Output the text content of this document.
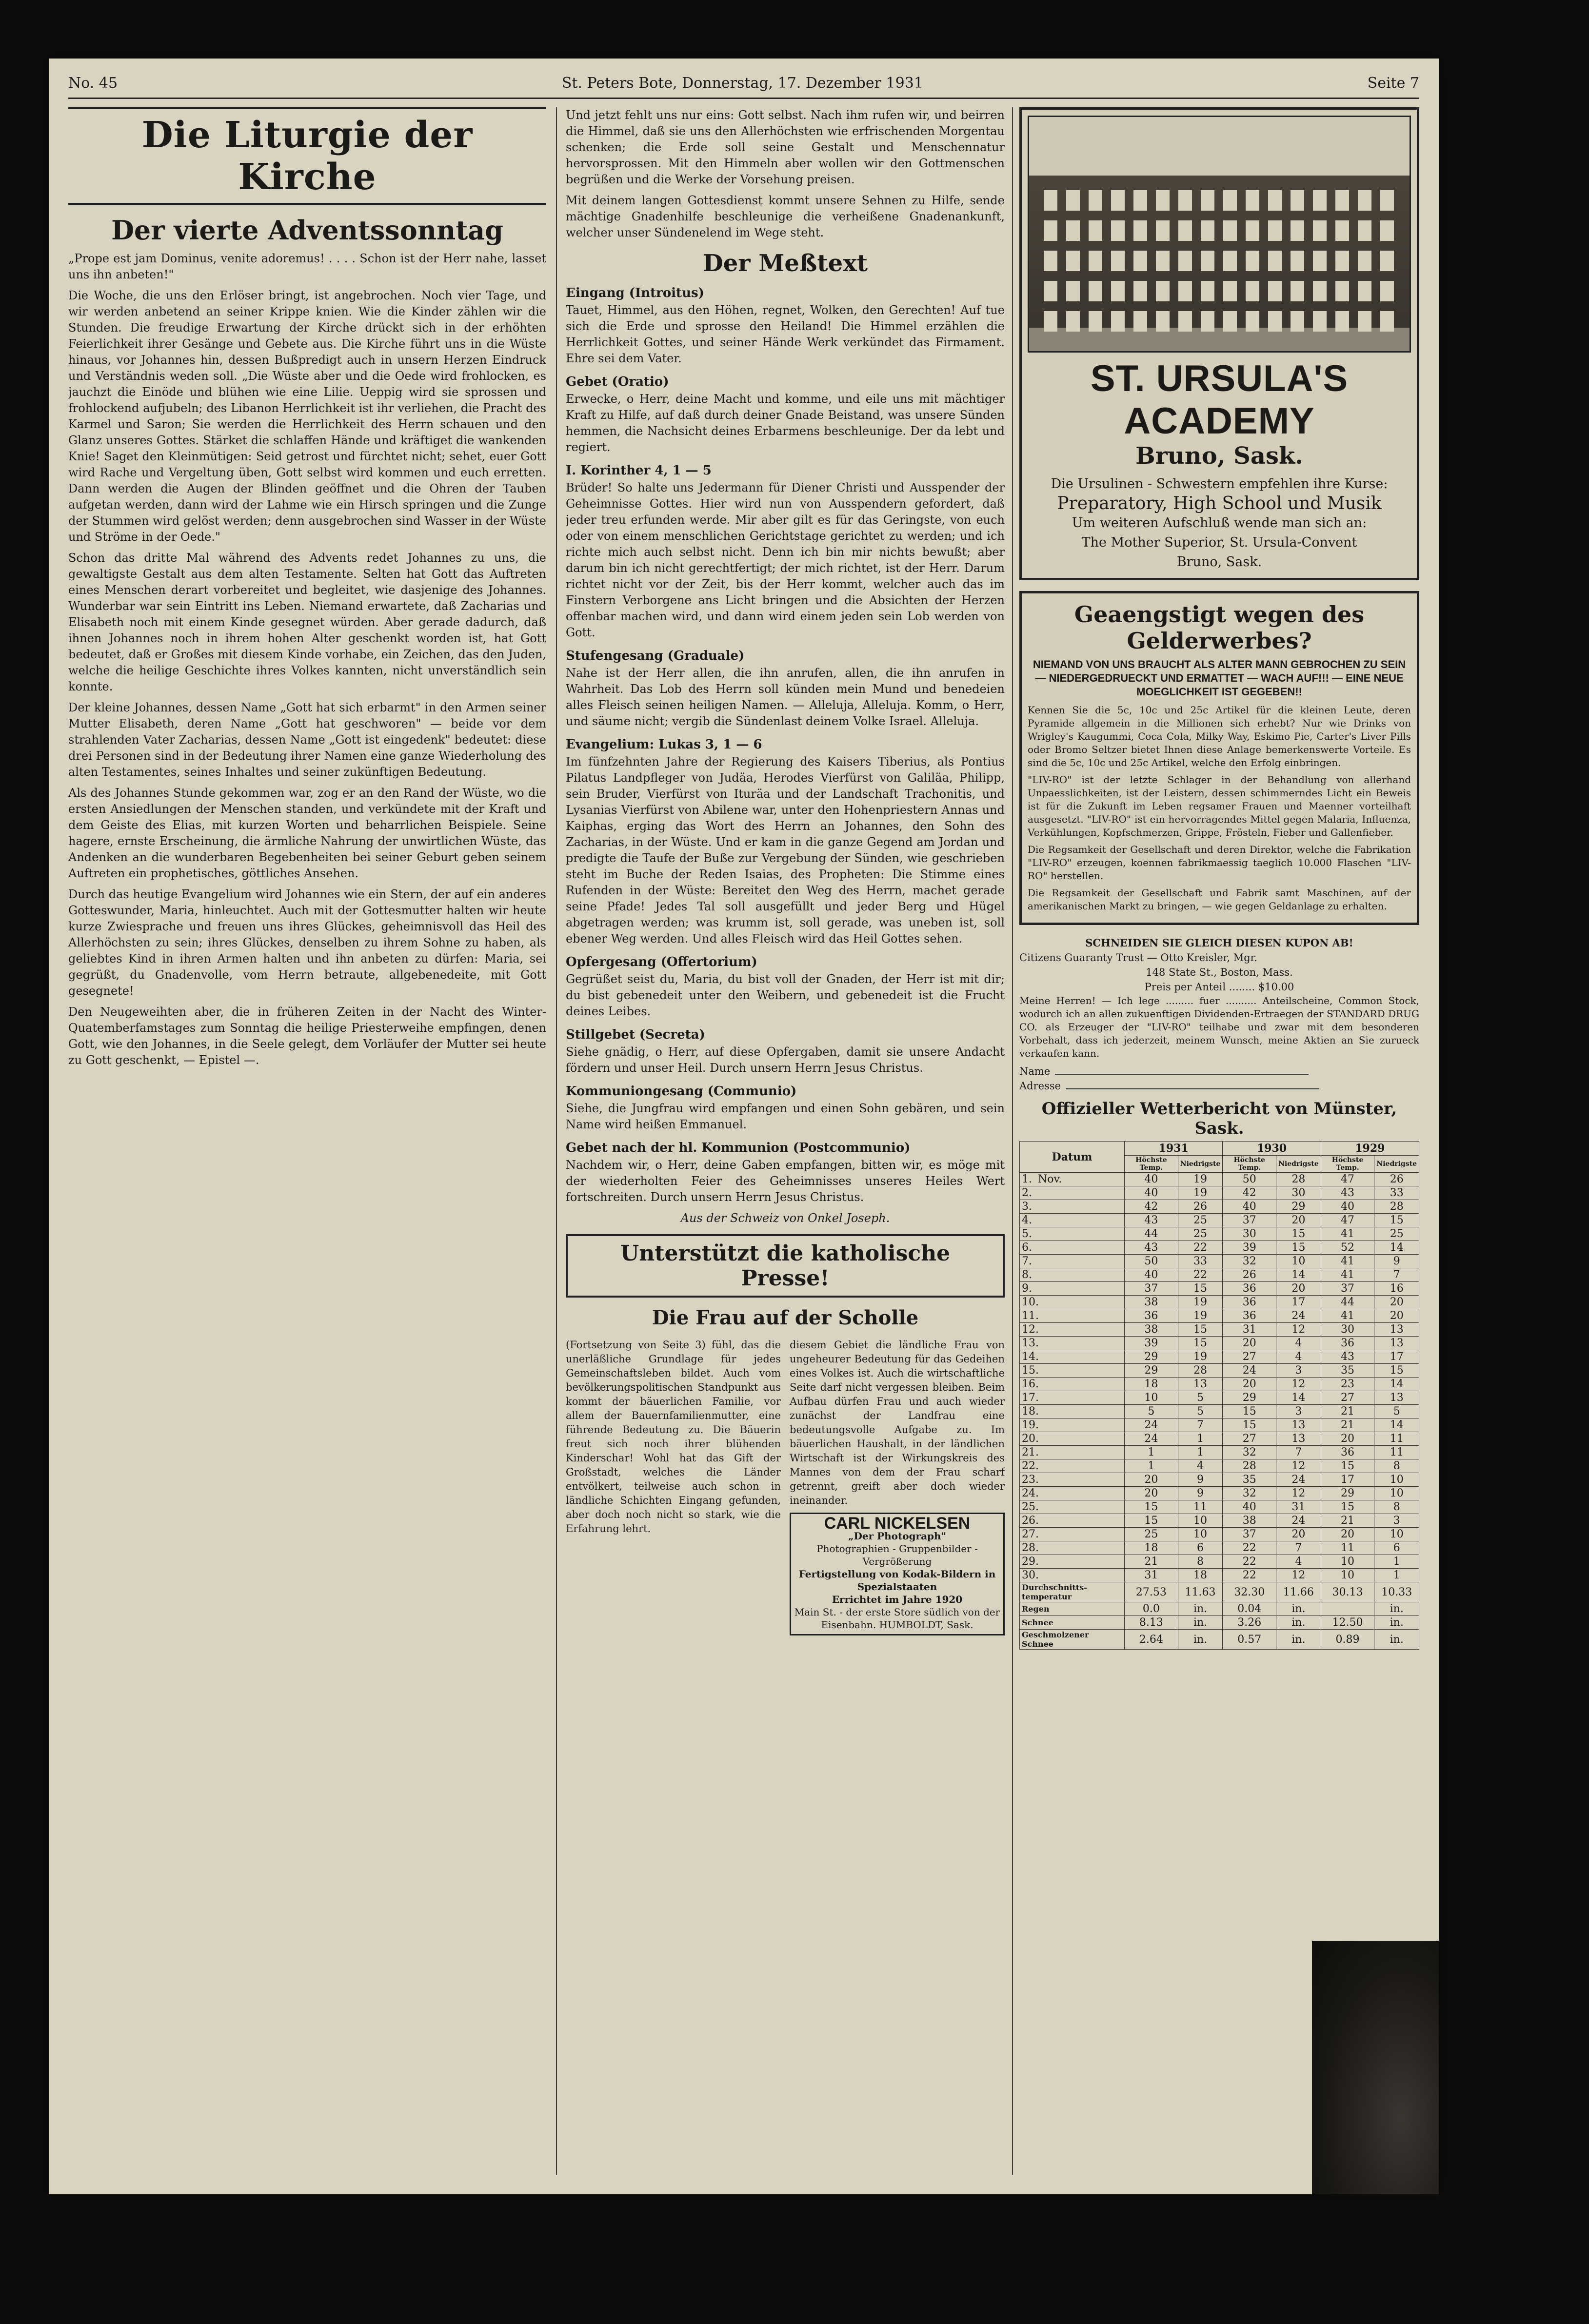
No. 45	St. Peters Bote, Donnerstag, 17. Dezember 1931	Seite 7
Die Liturgie der Kirche
Der vierte Adventssonntag

„Prope est jam Dominus, venite adoremus! . . . . Schon ist der Herr nahe, lasset uns ihn anbeten!"

Die Woche, die uns den Erlöser bringt, ist angebrochen. Noch vier Tage, und wir werden anbetend an seiner Krippe knien. Wie die Kinder zählen wir die Stunden. Die freudige Erwartung der Kirche drückt sich in der erhöhten Feierlichkeit ihrer Gesänge und Gebete aus. Die Kirche führt uns in die Wüste hinaus, vor Johannes hin, dessen Bußpredigt auch in unsern Herzen Eindruck und Verständnis weden soll. „Die Wüste aber und die Oede wird frohlocken, es jauchzt die Einöde und blühen wie eine Lilie. Ueppig wird sie sprossen und frohlockend aufjubeln; des Libanon Herrlichkeit ist ihr verliehen, die Pracht des Karmel und Saron; Sie werden die Herrlichkeit des Herrn schauen und den Glanz unseres Gottes. Stärket die schlaffen Hände und kräftiget die wankenden Knie! Saget den Kleinmütigen: Seid getrost und fürchtet nicht; sehet, euer Gott wird Rache und Vergeltung üben, Gott selbst wird kommen und euch erretten. Dann werden die Augen der Blinden geöffnet und die Ohren der Tauben aufgetan werden, dann wird der Lahme wie ein Hirsch springen und die Zunge der Stummen wird gelöst werden; denn ausgebrochen sind Wasser in der Wüste und Ströme in der Oede."

Schon das dritte Mal während des Advents redet Johannes zu uns, die gewaltigste Gestalt aus dem alten Testamente. Selten hat Gott das Auftreten eines Menschen derart vorbereitet und begleitet, wie dasjenige des Johannes. Wunderbar war sein Eintritt ins Leben. Niemand erwartete, daß Zacharias und Elisabeth noch mit einem Kinde gesegnet würden. Aber gerade dadurch, daß ihnen Johannes noch in ihrem hohen Alter geschenkt worden ist, hat Gott bedeutet, daß er Großes mit diesem Kinde vorhabe, ein Zeichen, das den Juden, welche die heilige Geschichte ihres Volkes kannten, nicht unverständlich sein konnte.

Der kleine Johannes, dessen Name „Gott hat sich erbarmt" in den Armen seiner Mutter Elisabeth, deren Name „Gott hat geschworen" — beide vor dem strahlenden Vater Zacharias, dessen Name „Gott ist eingedenk" bedeutet: diese drei Personen sind in der Bedeutung ihrer Namen eine ganze Wiederholung des alten Testamentes, seines Inhaltes und seiner zukünftigen Bedeutung.

Als des Johannes Stunde gekommen war, zog er an den Rand der Wüste, wo die ersten Ansiedlungen der Menschen standen, und verkündete mit der Kraft und dem Geiste des Elias, mit kurzen Worten und beharrlichen Beispiele. Seine hagere, ernste Erscheinung, die ärmliche Nahrung der unwirtlichen Wüste, das Andenken an die wunderbaren Begebenheiten bei seiner Geburt geben seinem Auftreten ein prophetisches, göttliches Ansehen.

Durch das heutige Evangelium wird Johannes wie ein Stern, der auf ein anderes Gotteswunder, Maria, hinleuchtet. Auch mit der Gottesmutter halten wir heute kurze Zwiesprache und freuen uns ihres Glückes, geheimnisvoll das Heil des Allerhöchsten zu sein; ihres Glückes, denselben zu ihrem Sohne zu haben, als geliebtes Kind in ihren Armen halten und ihn anbeten zu dürfen: Maria, sei gegrüßt, du Gnadenvolle, vom Herrn betraute, allgebenedeite, mit Gott gesegnete!

Den Neugeweihten aber, die in früheren Zeiten in der Nacht des Winter-Quatemberfamstages zum Sonntag die heilige Priesterweihe empfingen, denen Gott, wie den Johannes, in die Seele gelegt, dem Vorläufer der Mutter sei heute zu Gott geschenkt, — Epistel —.

Und jetzt fehlt uns nur eins: Gott selbst. Nach ihm rufen wir, und beirren die Himmel, daß sie uns den Allerhöchsten wie erfrischenden Morgentau schenken; die Erde soll seine Gestalt und Menschennatur hervorsprossen. Mit den Himmeln aber wollen wir den Gottmenschen begrüßen und die Werke der Vorsehung preisen.

Mit deinem langen Gottesdienst kommt unsere Sehnen zu Hilfe, sende mächtige Gnadenhilfe beschleunige die verheißene Gnadenankunft, welcher unser Sündenelend im Wege steht.

Der Meßtext
Eingang (Introitus)

Tauet, Himmel, aus den Höhen, regnet, Wolken, den Gerechten! Auf tue sich die Erde und sprosse den Heiland! Die Himmel erzählen die Herrlichkeit Gottes, und seiner Hände Werk verkündet das Firmament. Ehre sei dem Vater.

Gebet (Oratio)

Erwecke, o Herr, deine Macht und komme, und eile uns mit mächtiger Kraft zu Hilfe, auf daß durch deiner Gnade Beistand, was unsere Sünden hemmen, die Nachsicht deines Erbarmens beschleunige. Der da lebt und regiert.

I. Korinther 4, 1 — 5

Brüder! So halte uns Jedermann für Diener Christi und Ausspender der Geheimnisse Gottes. Hier wird nun von Ausspendern gefordert, daß jeder treu erfunden werde. Mir aber gilt es für das Geringste, von euch oder von einem menschlichen Gerichtstage gerichtet zu werden; und ich richte mich auch selbst nicht. Denn ich bin mir nichts bewußt; aber darum bin ich nicht gerechtfertigt; der mich richtet, ist der Herr. Darum richtet nicht vor der Zeit, bis der Herr kommt, welcher auch das im Finstern Verborgene ans Licht bringen und die Absichten der Herzen offenbar machen wird, und dann wird einem jeden sein Lob werden von Gott.

Stufengesang (Graduale)

Nahe ist der Herr allen, die ihn anrufen, allen, die ihn anrufen in Wahrheit. Das Lob des Herrn soll künden mein Mund und benedeien alles Fleisch seinen heiligen Namen. — Alleluja, Alleluja. Komm, o Herr, und säume nicht; vergib die Sündenlast deinem Volke Israel. Alleluja.

Evangelium: Lukas 3, 1 — 6

Im fünfzehnten Jahre der Regierung des Kaisers Tiberius, als Pontius Pilatus Landpfleger von Judäa, Herodes Vierfürst von Galiläa, Philipp, sein Bruder, Vierfürst von Ituräa und der Landschaft Trachonitis, und Lysanias Vierfürst von Abilene war, unter den Hohenpriestern Annas und Kaiphas, erging das Wort des Herrn an Johannes, den Sohn des Zacharias, in der Wüste. Und er kam in die ganze Gegend am Jordan und predigte die Taufe der Buße zur Vergebung der Sünden, wie geschrieben steht im Buche der Reden Isaias, des Propheten: Die Stimme eines Rufenden in der Wüste: Bereitet den Weg des Herrn, machet gerade seine Pfade! Jedes Tal soll ausgefüllt und jeder Berg und Hügel abgetragen werden; was krumm ist, soll gerade, was uneben ist, soll ebener Weg werden. Und alles Fleisch wird das Heil Gottes sehen.

Opfergesang (Offertorium)

Gegrüßet seist du, Maria, du bist voll der Gnaden, der Herr ist mit dir; du bist gebenedeit unter den Weibern, und gebenedeit ist die Frucht deines Leibes.

Stillgebet (Secreta)

Siehe gnädig, o Herr, auf diese Opfergaben, damit sie unsere Andacht fördern und unser Heil. Durch unsern Herrn Jesus Christus.

Kommuniongesang (Communio)

Siehe, die Jungfrau wird empfangen und einen Sohn gebären, und sein Name wird heißen Emmanuel.

Gebet nach der hl. Kommunion (Postcommunio)

Nachdem wir, o Herr, deine Gaben empfangen, bitten wir, es möge mit der wiederholten Feier des Geheimnisses unseres Heiles Wert fortschreiten. Durch unsern Herrn Jesus Christus.

Aus der Schweiz von Onkel Joseph.

Unterstützt die katholische Presse!
Die Frau auf der Scholle

(Fortsetzung von Seite 3) fühl, das die unerläßliche Grundlage für jedes Gemeinschaftsleben bildet. Auch vom bevölkerungspolitischen Standpunkt aus kommt der bäuerlichen Familie, vor allem der Bauernfamilienmutter, eine führende Bedeutung zu. Die Bäuerin freut sich noch ihrer blühenden Kinderschar! Wohl hat das Gift der Großstadt, welches die Länder entvölkert, teilweise auch schon in ländliche Schichten Eingang gefunden, aber doch noch nicht so stark, wie die Erfahrung lehrt.

diesem Gebiet die ländliche Frau von ungeheurer Bedeutung für das Gedeihen eines Volkes ist. Auch die wirtschaftliche Seite darf nicht vergessen bleiben. Beim Aufbau dürfen Frau und auch wieder zunächst der Landfrau eine bedeutungsvolle Aufgabe zu. Im bäuerlichen Haushalt, in der ländlichen Wirtschaft ist der Wirkungskreis des Mannes von dem der Frau scharf getrennt, greift aber doch wieder ineinander.

CARL NICKELSEN
„Der Photograph"
Photographien - Gruppenbilder - Vergrößerung
Fertigstellung von Kodak-Bildern in Spezialstaaten
Errichtet im Jahre 1920
Main St. - der erste Store südlich von der Eisenbahn. HUMBOLDT, Sask.
ST. URSULA'S ACADEMY
Bruno, Sask.
Die Ursulinen - Schwestern empfehlen ihre Kurse:
Preparatory, High School und Musik
Um weiteren Aufschluß wende man sich an:
The Mother Superior, St. Ursula-Convent
Bruno, Sask.
Geaengstigt wegen des Gelderwerbes?
NIEMAND VON UNS BRAUCHT ALS ALTER MANN GEBROCHEN ZU SEIN — NIEDERGEDRUECKT UND ERMATTET — WACH AUF!!! — EINE NEUE MOEGLICHKEIT IST GEGEBEN!!

Kennen Sie die 5c, 10c und 25c Artikel für die kleinen Leute, deren Pyramide allgemein in die Millionen sich erhebt? Nur wie Drinks von Wrigley's Kaugummi, Coca Cola, Milky Way, Eskimo Pie, Carter's Liver Pills oder Bromo Seltzer bietet Ihnen diese Anlage bemerkenswerte Vorteile. Es sind die 5c, 10c und 25c Artikel, welche den Erfolg einbringen.

"LIV-RO" ist der letzte Schlager in der Behandlung von allerhand Unpaesslichkeiten, ist der Leistern, dessen schimmerndes Licht ein Beweis ist für die Zukunft im Leben regsamer Frauen und Maenner vorteilhaft ausgesetzt. "LIV-RO" ist ein hervorragendes Mittel gegen Malaria, Influenza, Verkühlungen, Kopfschmerzen, Grippe, Frösteln, Fieber und Gallenfieber.

Die Regsamkeit der Gesellschaft und deren Direktor, welche die Fabrikation "LIV-RO" erzeugen, koennen fabrikmaessig taeglich 10.000 Flaschen "LIV-RO" herstellen.

Die Regsamkeit der Gesellschaft und Fabrik samt Maschinen, auf der amerikanischen Markt zu bringen, — wie gegen Geldanlage zu erhalten.

SCHNEIDEN SIE GLEICH DIESEN KUPON AB!
Citizens Guaranty Trust — Otto Kreisler, Mgr.
148 State St., Boston, Mass.
Preis per Anteil ........ $10.00

Meine Herren! — Ich lege ......... fuer .......... Anteilscheine, Common Stock, wodurch ich an allen zukuenftigen Dividenden-Ertraegen der STANDARD DRUG CO. als Erzeuger der "LIV-RO" teilhabe und zwar mit dem besonderen Vorbehalt, dass ich jederzeit, meinem Wunsch, meine Aktien an Sie zurueck verkaufen kann.

Name
Adresse
Offizieller Wetterbericht von Münster, Sask.
Datum	1931		1930		1929	
	Höchste Temp.	Niedrigste	Höchste Temp.	Niedrigste	Höchste Temp.	Niedrigste
1. Nov.	40	19	50	28	47	26
2.	40	19	42	30	43	33
3.	42	26	40	29	40	28
4.	43	25	37	20	47	15
5.	44	25	30	15	41	25
6.	43	22	39	15	52	14
7.	50	33	32	10	41	9
8.	40	22	26	14	41	7
9.	37	15	36	20	37	16
10.	38	19	36	17	44	20
11.	36	19	36	24	41	20
12.	38	15	31	12	30	13
13.	39	15	20	4	36	13
14.	29	19	27	4	43	17
15.	29	28	24	3	35	15
16.	18	13	20	12	23	14
17.	10	5	29	14	27	13
18.	5	5	15	3	21	5
19.	24	7	15	13	21	14
20.	24	1	27	13	20	11
21.	1	1	32	7	36	11
22.	1	4	28	12	15	8
23.	20	9	35	24	17	10
24.	20	9	32	12	29	10
25.	15	11	40	31	15	8
26.	15	10	38	24	21	3
27.	25	10	37	20	20	10
28.	18	6	22	7	11	6
29.	21	8	22	4	10	1
30.	31	18	22	12	10	1
Durchschnitts-temperatur	27.53	11.63	32.30	11.66	30.13	10.33
Regen	0.0	in.	0.04	in.		in.
Schnee	8.13	in.	3.26	in.	12.50	in.
Geschmolzener Schnee	2.64	in.	0.57	in.	0.89	in.
